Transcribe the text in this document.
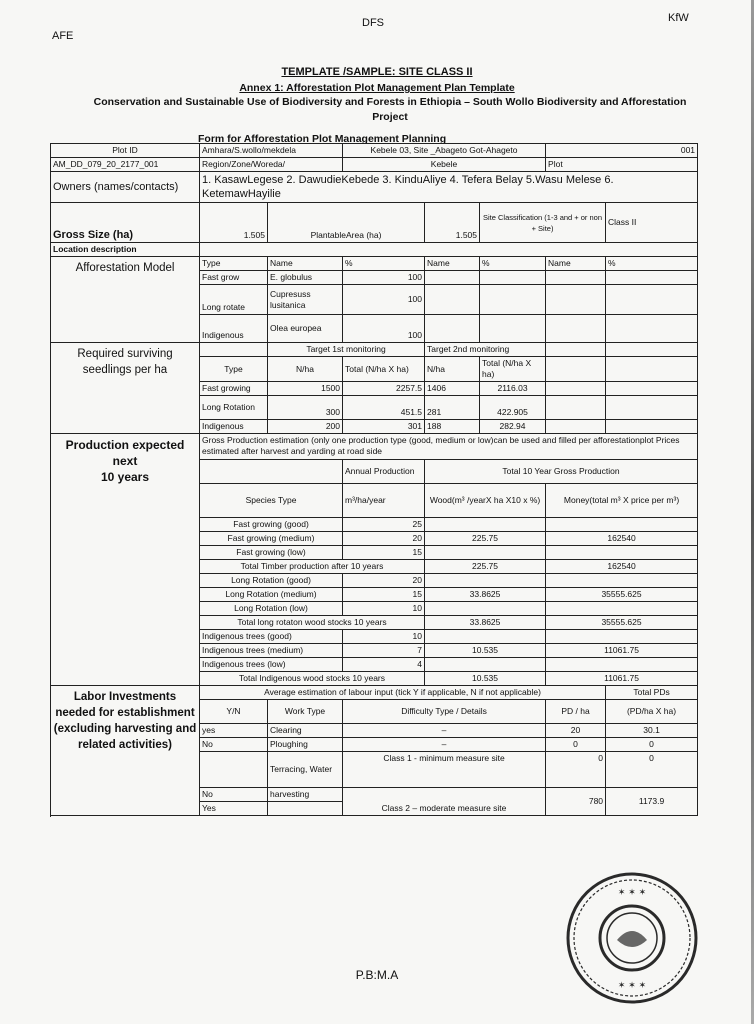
AFE
DFS	KfW
TEMPLATE /SAMPLE: SITE CLASS II
Annex 1: Afforestation Plot Management Plan Template
Conservation and Sustainable Use of Biodiversity and Forests in Ethiopia – South Wollo Biodiversity and Afforestation Project
Form for Afforestation Plot Management Planning
Plot ID	Amhara/S.wollo/mekdela		Kebele 03, Site _Abageto Got-Ahageto			001	
AM_DD_079_20_2177_001	Region/Zone/Woreda/		Kebele			Plot	
Owners (names/contacts)	1. KasawLegese 2. DawudieKebede 3. KinduAliye 4. Tefera Belay 5.Wasu Melese 6. KetemawHayilie						
Gross Size (ha)	1.505	PlantableArea (ha)		1.505	Site Classification (1-3 and + or non + Site)		Class II
Location description							
Afforestation Model	Type	Name	%	Name	%	Name	%
	Fast grow	E. globulus	100				
	Long rotate	Cupresuss lusitanica	100				
	Indigenous	Olea europea	100				
Required surviving seedlings per ha		Target 1st monitoring		Target 2nd monitoring			
	Type	N/ha	Total (N/ha X ha)	N/ha	Total (N/ha X ha)		
	Fast growing	1500	2257.5	1406	2116.03		
	Long Rotation	300	451.5	281	422.905		
	Indigenous	200	301	188	282.94		

Production expected
next
10 years	Gross Production estimation (only one production type (good, medium or low)can be used and filled per afforestationplot Prices estimated after harvest and yarding at road side						
			Annual Production	Total 10 Year Gross Production			
	Species Type		m³/ha/year	Wood(m³ /yearX ha X10 x %)		Money(total m³ X price per m³)	
	Fast growing (good)		25				
	Fast growing (medium)		20	225.75		162540	
	Fast growing (low)		15				
	Total Timber production after 10 years			225.75		162540	
	Long Rotation (good)		20				
	Long Rotation (medium)		15	33.8625		35555.625	
	Long Rotation (low)		10				
	Total long rotaton wood stocks 10 years			33.8625		35555.625	
	Indigenous trees (good)		10				
	Indigenous trees (medium)		7	10.535		11061.75	
	Indigenous trees (low)		4				
	Total Indigenous wood stocks 10 years			10.535		11061.75	

Labor Investments needed for establishment (excluding harvesting and related activities)	Average estimation of labour input (tick Y if applicable, N if not applicable)						Total PDs
	Y/N	Work Type	Difficulty Type / Details			PD / ha	(PD/ha X ha)
	yes	Clearing	–			20	30.1
	No	Ploughing	–			0	0
		Terracing, Water	Class 1 - minimum measure site			0	0
	No	harvesting	Class 2 – moderate measure site			780	1173.9
	Yes						

✶ ✶ ✶
✶ ✶ ✶
P.B:M.A
